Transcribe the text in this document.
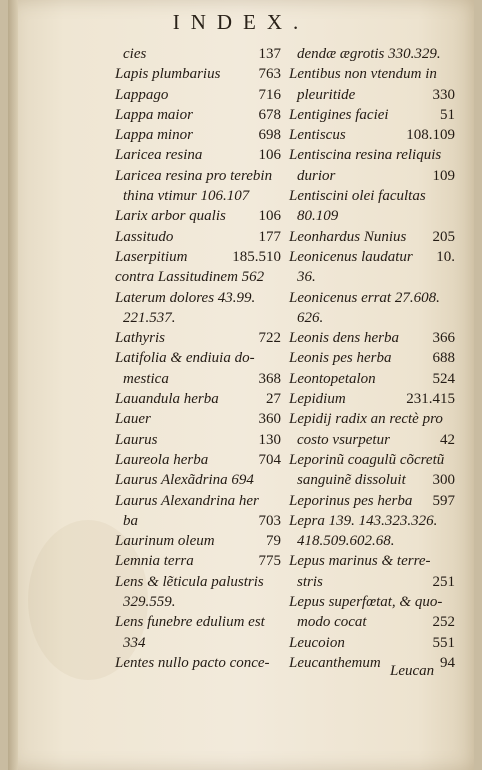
INDEX.
cies	137
Lapis plumbarius	763
Lappago	716
Lappa maior	678
Lappa minor	698
Laricea resina	106
Laricea resina pro terebin
thina vtimur 106.107
Larix arbor qualis 106
Lassitudo	177
Laserpitium	185.510
contra Lassitudinem 562
Laterum dolores 43.99.
221.537.
Lathyris	722
Latifolia & endiuia do-
mestica	368
Lauandula herba	27
Lauer	360
Laurus	130
Laureola herba	704
Laurus Alexãdrina 694
Laurus Alexandrina her
ba	703
Laurinum oleum	79
Lemnia terra	775
Lens & lẽticula palustris
329.559.
Lens funebre edulium est
334
Lentes nullo pacto conce-
dendæ ægrotis 330.329.
Lentibus non vtendum in
pleuritide	330
Lentigines faciei	51
Lentiscus	108.109
Lentiscina resina reliquis
durior	109
Lentiscini olei facultas
80.109
Leonhardus Nunius 205
Leonicenus laudatur 10.
36.
Leonicenus errat 27.608.
626.
Leonis dens herba 366
Leonis pes herba	688
Leontopetalon	524
Lepidium	231.415
Lepidij radix an rectè pro
costo vsurpetur	42
Leporinũ coagulũ cõcretũ
sanguinẽ dissoluit 300
Leporinus pes herba 597
Lepra 139. 143.323.326.
418.509.602.68.
Lepus marinus & terre-
stris	251
Lepus superfœtat, & quo-
modo cocat	252
Leucoion	551
Leucanthemum	94
Leucan
